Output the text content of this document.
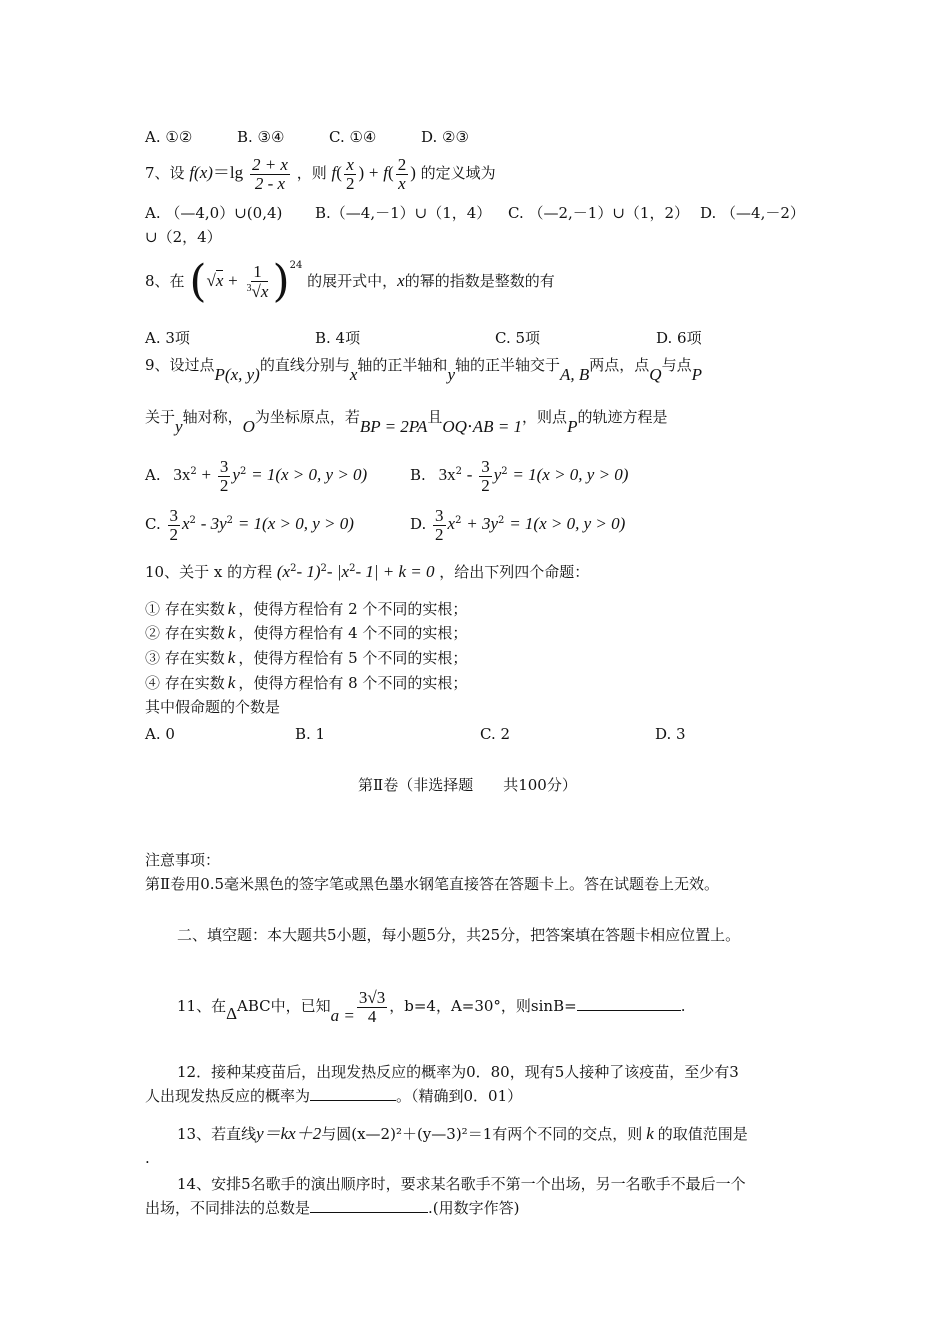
A. ①②	B. ③④	C. ①④	D. ②③
7、设 $f(x)=\lg \frac{2 + x}{2 - x}$ ，则 $f( \frac{x}{2}$ ) + $f( \frac{2}{x}$ ) 的定义域为
A. （—4,0）∪(0,4) B.（—4,－1）∪（1，4） C. （—2,－1）∪（1，2） D. （—4,－2）
∪（2，4）
8、在 $(√x + \frac{1}{^3√x} )^{24}$ 的展开式中，x的幂的指数是整数的有
A. 3项	B. 4项	C. 5项	D. 6项
9、设过点P(x, y)的直线分别与x轴的正半轴和y轴的正半轴交于A, B两点，点Q与点P
关于y轴对称，O为坐标原点，若BP = 2PA且OQ⋅AB = 1，则点P的轨迹方程是
A. $3x^2 + \frac{3}{2} y^2 = 1(x > 0$, y > 0)	B. $3x^2 - \frac{3}{2} y^2 = 1(x > 0$, y > 0)
C. $\frac{3}{2} x^2 - 3y^2 = 1(x > 0$, y > 0)	D. $\frac{3}{2} x^2 + 3y^2 = 1(x > 0$, y > 0)
10、关于 x 的方程 ($x^2-$ 1)$^2$- $|x^2-$ 1| + k = 0 ，给出下列四个命题：
① 存在实数 k ，使得方程恰有 2 个不同的实根；
② 存在实数 k ，使得方程恰有 4 个不同的实根；
③ 存在实数 k ，使得方程恰有 5 个不同的实根；
④ 存在实数 k ，使得方程恰有 8 个不同的实根；
其中假命题的个数是
A. 0	B. 1	C. 2	D. 3
第Ⅱ卷（非选择题　　共100分）
注意事项：
第Ⅱ卷用0.5毫米黑色的签字笔或黑色墨水钢笔直接答在答题卡上。答在试题卷上无效。
二、填空题：本大题共5小题，每小题5分，共25分，把答案填在答题卡相应位置上。
11、在ΔABC中，已知$a = \frac{3√3}{4}$ ，b=4，A=30°，则sinB=	.
12．接种某疫苗后，出现发热反应的概率为0．80，现有5人接种了该疫苗，至少有3
人出现发热反应的概率为	。（精确到0．01）
13、若直线y＝kx＋2与圆(x—2)²＋(y—3)²＝1有两个不同的交点，则 k 的取值范围是
.
14、安排5名歌手的演出顺序时，要求某名歌手不第一个出场，另一名歌手不最后一个
出场，不同排法的总数是	.(用数字作答)
